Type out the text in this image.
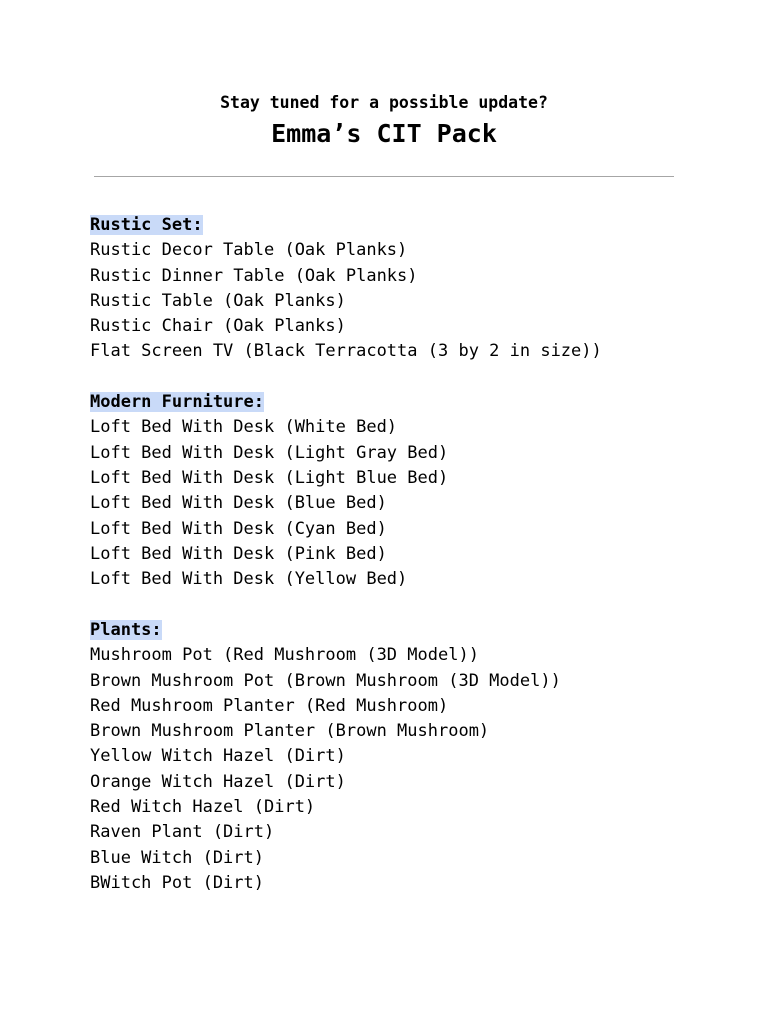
Stay tuned for a possible update?
Emma’s CIT Pack
Rustic Set:
Rustic Decor Table (Oak Planks)
Rustic Dinner Table (Oak Planks)
Rustic Table (Oak Planks)
Rustic Chair (Oak Planks)
Flat Screen TV (Black Terracotta (3 by 2 in size))
Modern Furniture:
Loft Bed With Desk (White Bed)
Loft Bed With Desk (Light Gray Bed)
Loft Bed With Desk (Light Blue Bed)
Loft Bed With Desk (Blue Bed)
Loft Bed With Desk (Cyan Bed)
Loft Bed With Desk (Pink Bed)
Loft Bed With Desk (Yellow Bed)
Plants:
Mushroom Pot (Red Mushroom (3D Model))
Brown Mushroom Pot (Brown Mushroom (3D Model))
Red Mushroom Planter (Red Mushroom)
Brown Mushroom Planter (Brown Mushroom)
Yellow Witch Hazel (Dirt)
Orange Witch Hazel (Dirt)
Red Witch Hazel (Dirt)
Raven Plant (Dirt)
Blue Witch (Dirt)
BWitch Pot (Dirt)
